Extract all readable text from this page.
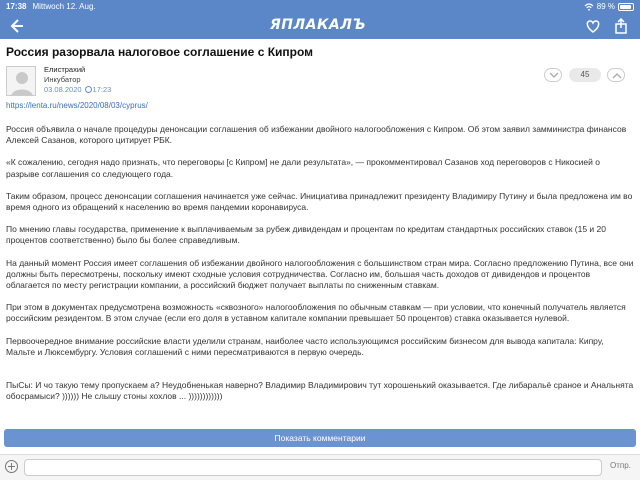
17:38 Mittwoch 12. Aug.	89 %
ЯПЛАКАЛЪ
Россия разорвала налоговое соглашение с Кипром
Елистрахий
Инкубатор
03.08.2020 17:23
45
https://lenta.ru/news/2020/08/03/cyprus/

Россия объявила о начале процедуры денонсации соглашения об избежании двойного налогообложения с Кипром. Об этом заявил замминистра финансов Алексей Сазанов, которого цитирует РБК.

«К сожалению, сегодня надо признать, что переговоры [с Кипром] не дали результата», — прокомментировал Сазанов ход переговоров с Никосией о разрыве соглашения со следующего года.

Таким образом, процесс денонсации соглашения начинается уже сейчас. Инициатива принадлежит президенту Владимиру Путину и была предложена им во время одного из обращений к населению во время пандемии коронавируса.

По мнению главы государства, применение к выплачиваемым за рубеж дивидендам и процентам по кредитам стандартных российских ставок (15 и 20 процентов соответственно) было бы более справедливым.

На данный момент Россия имеет соглашения об избежании двойного налогообложения с большинством стран мира. Согласно предложению Путина, все они должны быть пересмотрены, поскольку имеют сходные условия сотрудничества. Согласно им, большая часть доходов от дивидендов и процентов облагается по месту регистрации компании, а российский бюджет получает выплаты по сниженным ставкам.

При этом в документах предусмотрена возможность «сквозного» налогообложения по обычным ставкам — при условии, что конечный получатель является российским резидентом. В этом случае (если его доля в уставном капитале компании превышает 50 процентов) ставка оказывается нулевой.

Первоочередное внимание российские власти уделили странам, наиболее часто использующимся российским бизнесом для вывода капитала: Кипру, Мальте и Люксембургу. Условия соглашений с ними пересматриваются в первую очередь.

ПыСы: И чо такую тему пропускаем а? Неудобненькая наверно? Владимир Владимирович тут хорошенький оказывается. Где либаральё сраное и Анальнята обосрамыси? )))))) Не слышу стоны хохлов ... ))))))))))))

Показать комментарии
Отпр.
